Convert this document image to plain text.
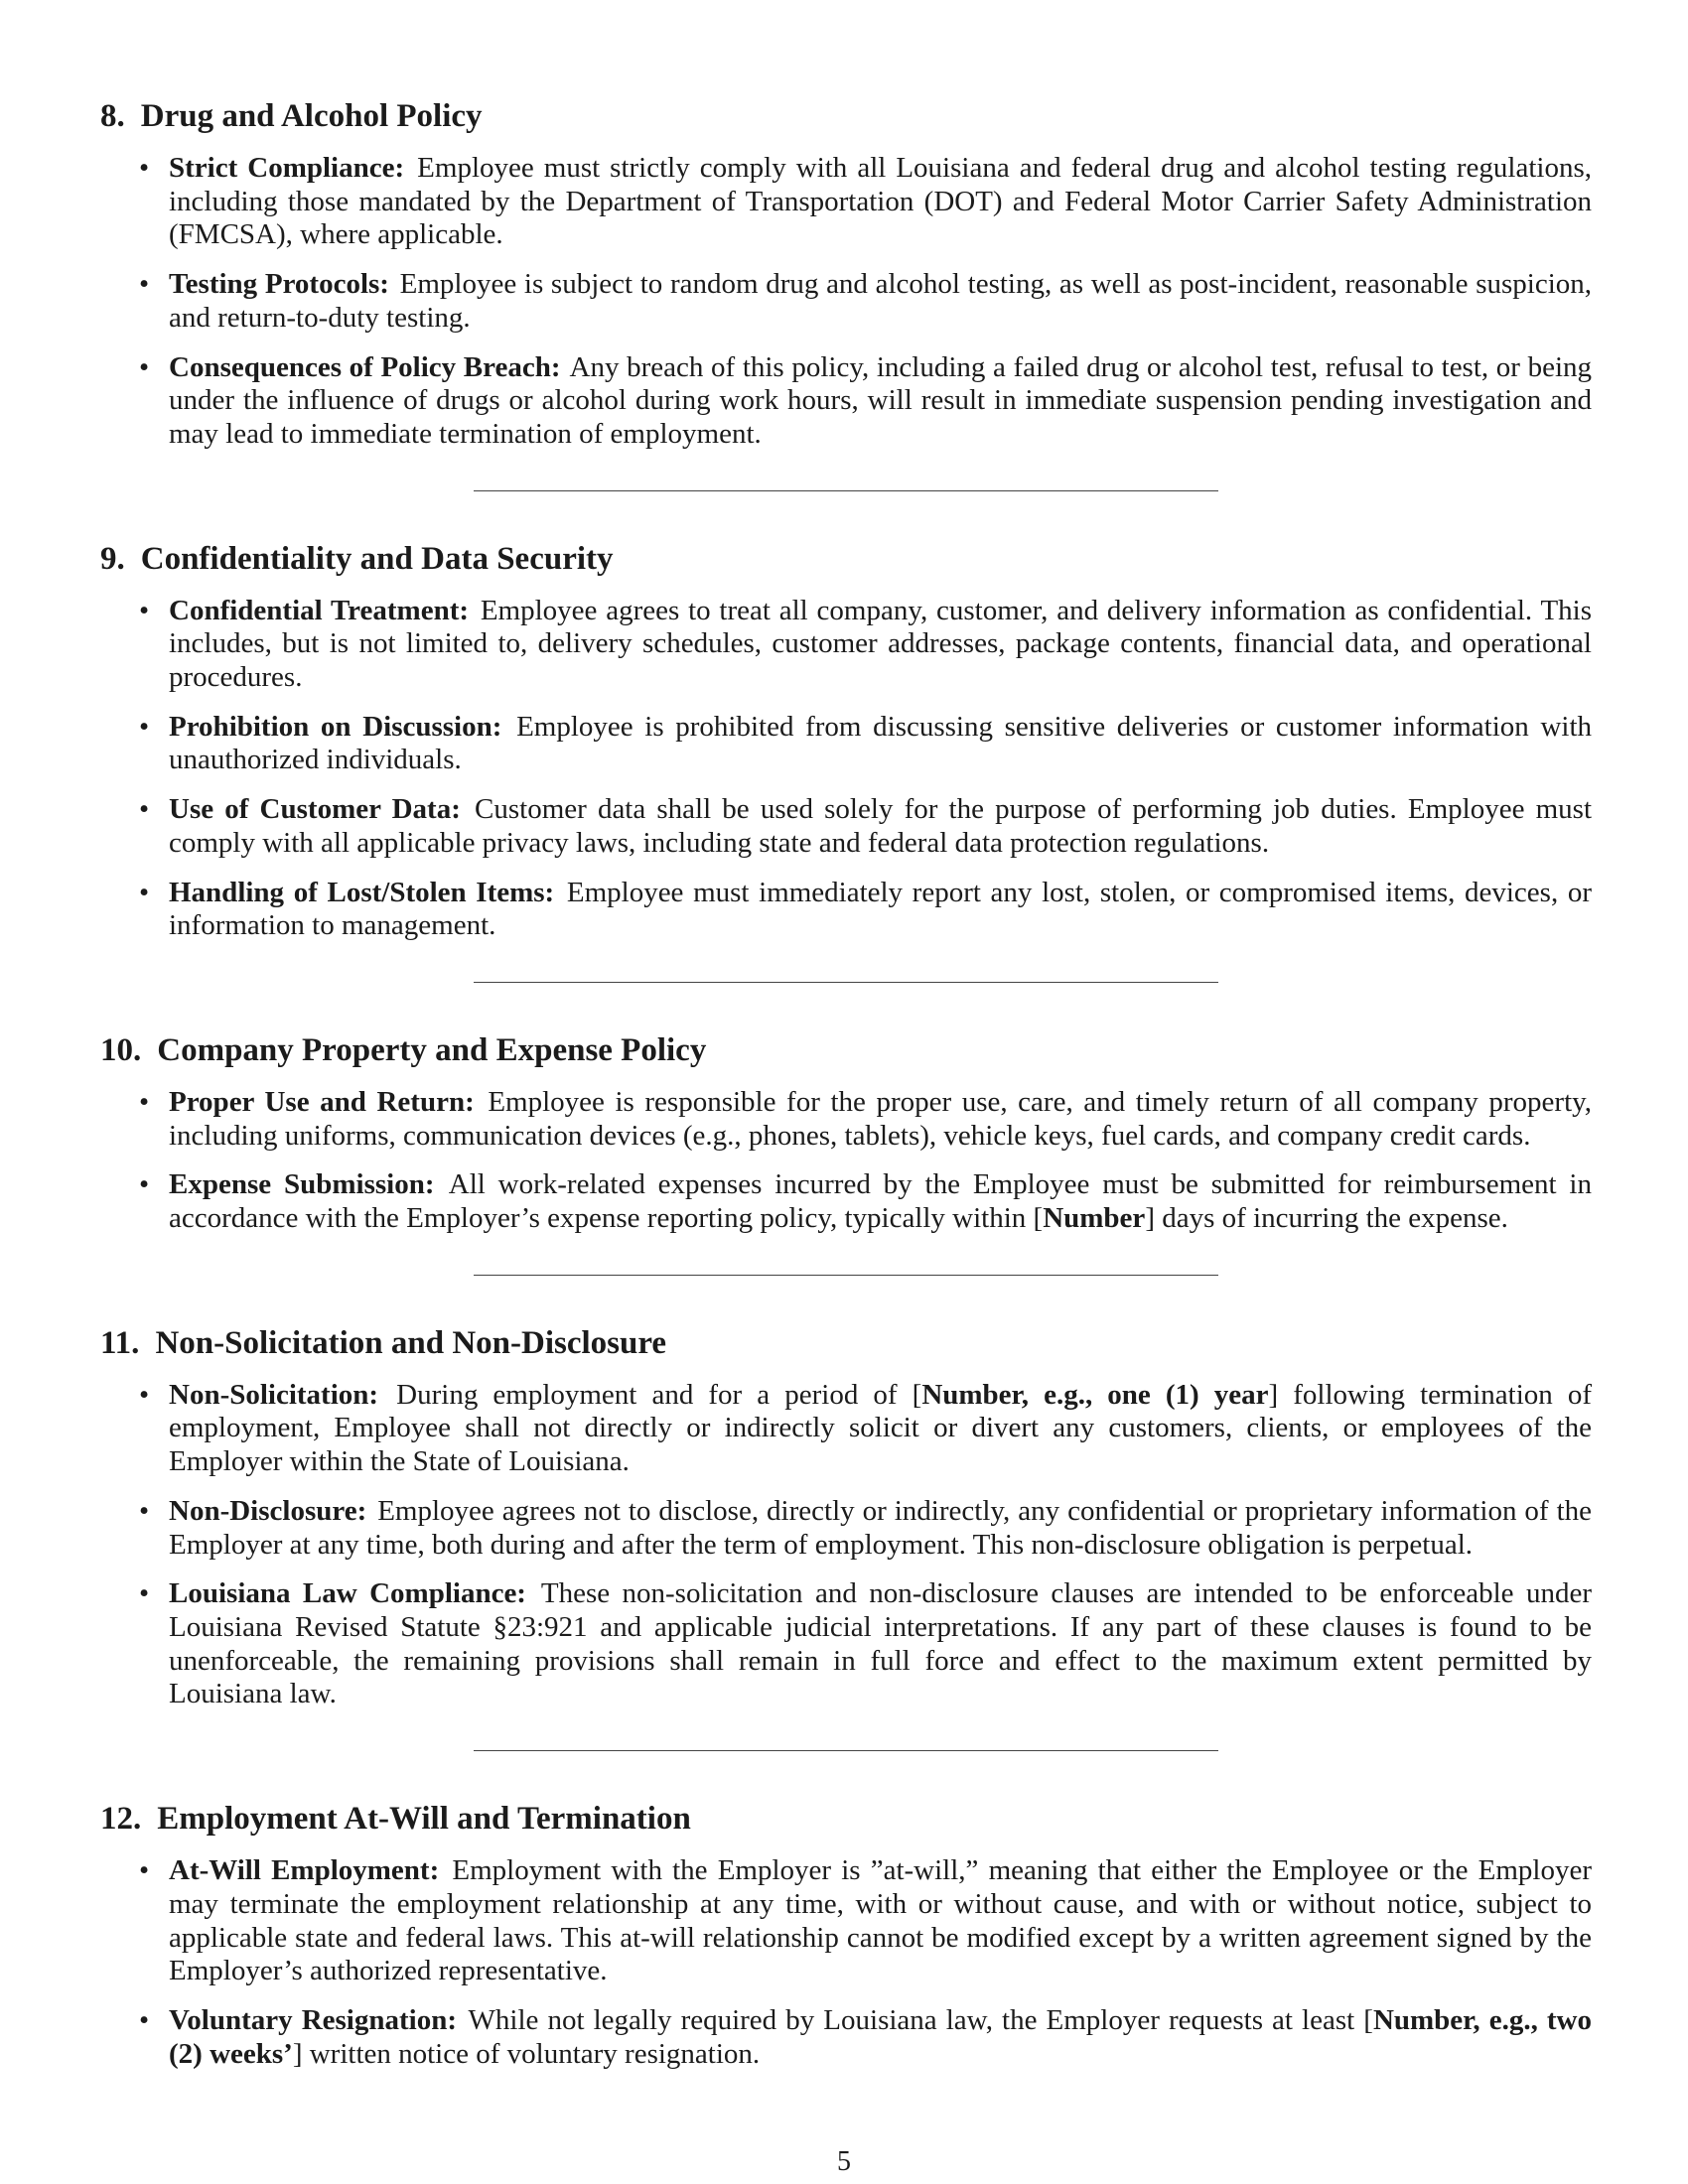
8. Drug and Alcohol Policy
• Strict Compliance: Employee must strictly comply with all Louisiana and federal drug and alcohol testing regulations, including those mandated by the Department of Transportation (DOT) and Federal Motor Carrier Safety Administration (FMCSA), where applicable.
• Testing Protocols: Employee is subject to random drug and alcohol testing, as well as post-incident, reasonable suspicion, and return-to-duty testing.
• Consequences of Policy Breach: Any breach of this policy, including a failed drug or alcohol test, refusal to test, or being under the influence of drugs or alcohol during work hours, will result in immediate suspension pending investigation and may lead to immediate termination of employment.
9. Confidentiality and Data Security
• Confidential Treatment: Employee agrees to treat all company, customer, and delivery information as confidential. This includes, but is not limited to, delivery schedules, customer addresses, package contents, financial data, and operational procedures.
• Prohibition on Discussion: Employee is prohibited from discussing sensitive deliveries or customer information with unauthorized individuals.
• Use of Customer Data: Customer data shall be used solely for the purpose of performing job duties. Employee must comply with all applicable privacy laws, including state and federal data protection regulations.
• Handling of Lost/Stolen Items: Employee must immediately report any lost, stolen, or compromised items, devices, or information to management.
10. Company Property and Expense Policy
• Proper Use and Return: Employee is responsible for the proper use, care, and timely return of all company property, including uniforms, communication devices (e.g., phones, tablets), vehicle keys, fuel cards, and company credit cards.
• Expense Submission: All work-related expenses incurred by the Employee must be submitted for reimbursement in accordance with the Employer’s expense reporting policy, typically within [Number] days of incurring the expense.
11. Non-Solicitation and Non-Disclosure
• Non-Solicitation: During employment and for a period of [Number, e.g., one (1) year] following termination of employment, Employee shall not directly or indirectly solicit or divert any customers, clients, or employees of the Employer within the State of Louisiana.
• Non-Disclosure: Employee agrees not to disclose, directly or indirectly, any confidential or proprietary information of the Employer at any time, both during and after the term of employment. This non-disclosure obligation is perpetual.
• Louisiana Law Compliance: These non-solicitation and non-disclosure clauses are intended to be enforceable under Louisiana Revised Statute §23:921 and applicable judicial interpretations. If any part of these clauses is found to be unenforceable, the remaining provisions shall remain in full force and effect to the maximum extent permitted by Louisiana law.
12. Employment At-Will and Termination
• At-Will Employment: Employment with the Employer is ”at-will,” meaning that either the Employee or the Employer may terminate the employment relationship at any time, with or without cause, and with or without notice, subject to applicable state and federal laws. This at-will relationship cannot be modified except by a written agreement signed by the Employer’s authorized representative.
• Voluntary Resignation: While not legally required by Louisiana law, the Employer requests at least [Number, e.g., two (2) weeks’] written notice of voluntary resignation.
5
